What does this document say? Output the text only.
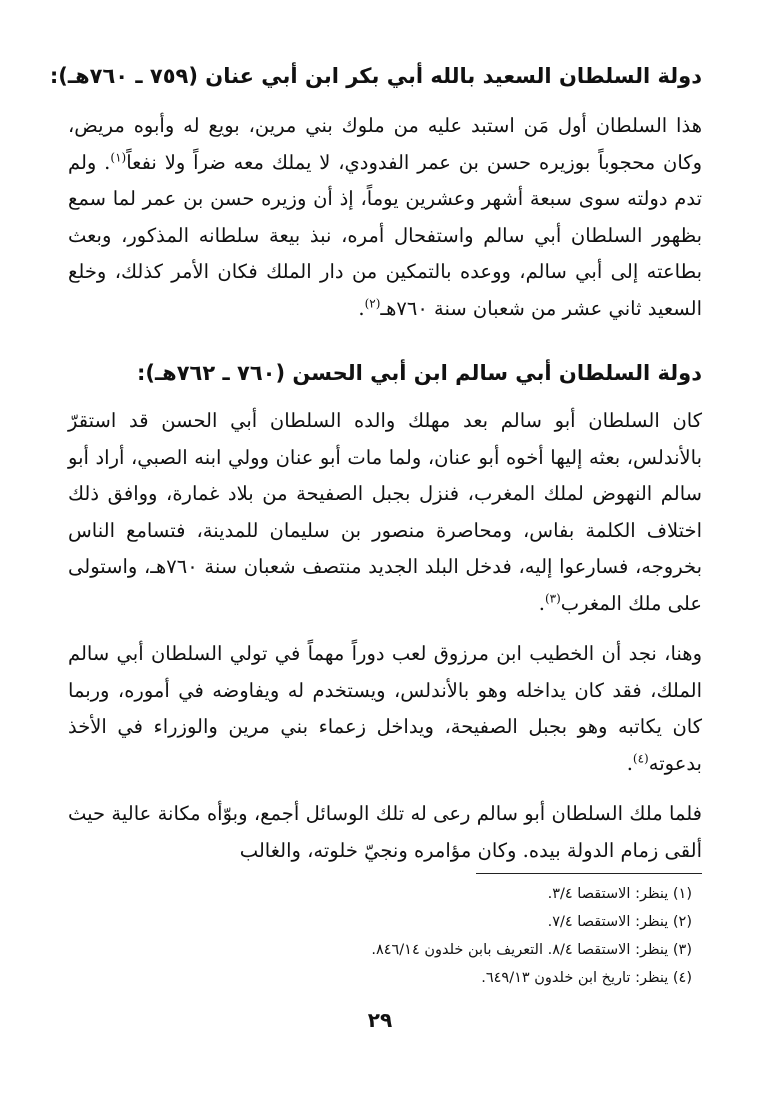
دولة السلطان السعيد بالله أبي بكر ابن أبي عنان (٧٥٩ ـ ٧٦٠هـ):

هذا السلطان أول مَن استبد عليه من ملوك بني مرين، بويع له وأبوه مريض، وكان محجوباً بوزيره حسن بن عمر الفدودي، لا يملك معه ضراً ولا نفعاً$^{(١)}$. ولم تدم دولته سوى سبعة أشهر وعشرين يوماً، إذ أن وزيره حسن بن عمر لما سمع بظهور السلطان أبي سالم واستفحال أمره، نبذ بيعة سلطانه المذكور، وبعث بطاعته إلى أبي سالم، ووعده بالتمكين من دار الملك فكان الأمر كذلك، وخلع السعيد ثاني عشر من شعبان سنة ٧٦٠هـ$^{(٢)}$.

دولة السلطان أبي سالم ابن أبي الحسن (٧٦٠ ـ ٧٦٢هـ):

كان السلطان أبو سالم بعد مهلك والده السلطان أبي الحسن قد استقرّ بالأندلس، بعثه إليها أخوه أبو عنان، ولما مات أبو عنان وولي ابنه الصبي، أراد أبو سالم النهوض لملك المغرب، فنزل بجبل الصفيحة من بلاد غمارة، ووافق ذلك اختلاف الكلمة بفاس، ومحاصرة منصور بن سليمان للمدينة، فتسامع الناس بخروجه، فسارعوا إليه، فدخل البلد الجديد منتصف شعبان سنة ٧٦٠هـ، واستولى على ملك المغرب$^{(٣)}$.

وهنا، نجد أن الخطيب ابن مرزوق لعب دوراً مهماً في تولي السلطان أبي سالم الملك، فقد كان يداخله وهو بالأندلس، ويستخدم له ويفاوضه في أموره، وربما كان يكاتبه وهو بجبل الصفيحة، ويداخل زعماء بني مرين والوزراء في الأخذ بدعوته$^{(٤)}$.

فلما ملك السلطان أبو سالم رعى له تلك الوسائل أجمع، وبوّأه مكانة عالية حيث ألقى زمام الدولة بيده. وكان مؤامره ونجيّ خلوته، والغالب

(١) ينظر: الاستقصا ٣/٤.
(٢) ينظر: الاستقصا ٧/٤.
(٣) ينظر: الاستقصا ٨/٤. التعريف بابن خلدون ٨٤٦/١٤.
(٤) ينظر: تاريخ ابن خلدون ٦٤٩/١٣.
٢٩
